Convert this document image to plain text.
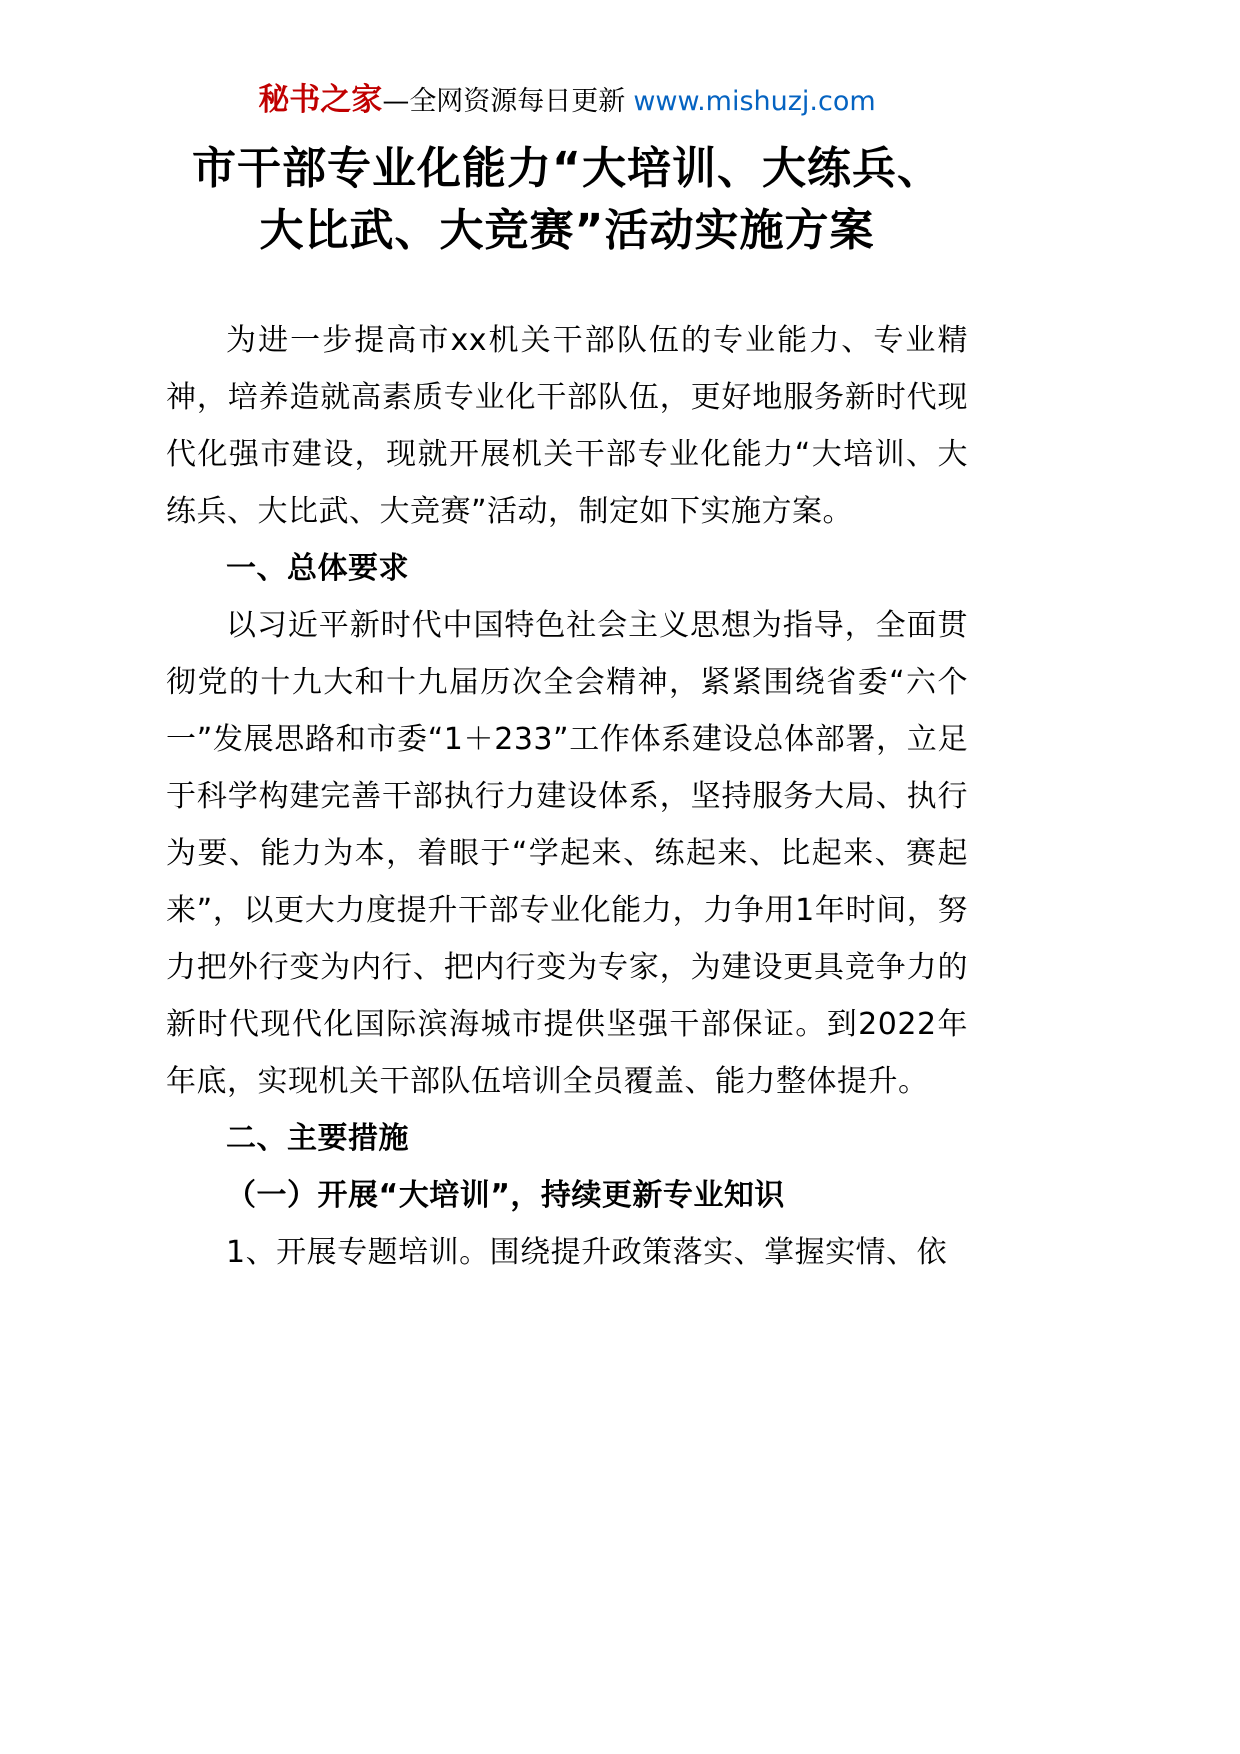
秘书之家—全网资源每日更新 www.mishuzj.com
市干部专业化能力“大培训、大练兵、
大比武、大竞赛”活动实施方案

为进一步提高市xx机关干部队伍的专业能力、专业精神，培养造就高素质专业化干部队伍，更好地服务新时代现代化强市建设，现就开展机关干部专业化能力“大培训、大练兵、大比武、大竞赛”活动，制定如下实施方案。

一、总体要求

以习近平新时代中国特色社会主义思想为指导，全面贯彻党的十九大和十九届历次全会精神，紧紧围绕省委“六个一”发展思路和市委“1＋233”工作体系建设总体部署，立足于科学构建完善干部执行力建设体系，坚持服务大局、执行为要、能力为本，着眼于“学起来、练起来、比起来、赛起来”，以更大力度提升干部专业化能力，力争用1年时间，努力把外行变为内行、把内行变为专家，为建设更具竞争力的新时代现代化国际滨海城市提供坚强干部保证。到2022年年底，实现机关干部队伍培训全员覆盖、能力整体提升。

二、主要措施

（一）开展“大培训”，持续更新专业知识

1、开展专题培训。围绕提升政策落实、掌握实情、依
